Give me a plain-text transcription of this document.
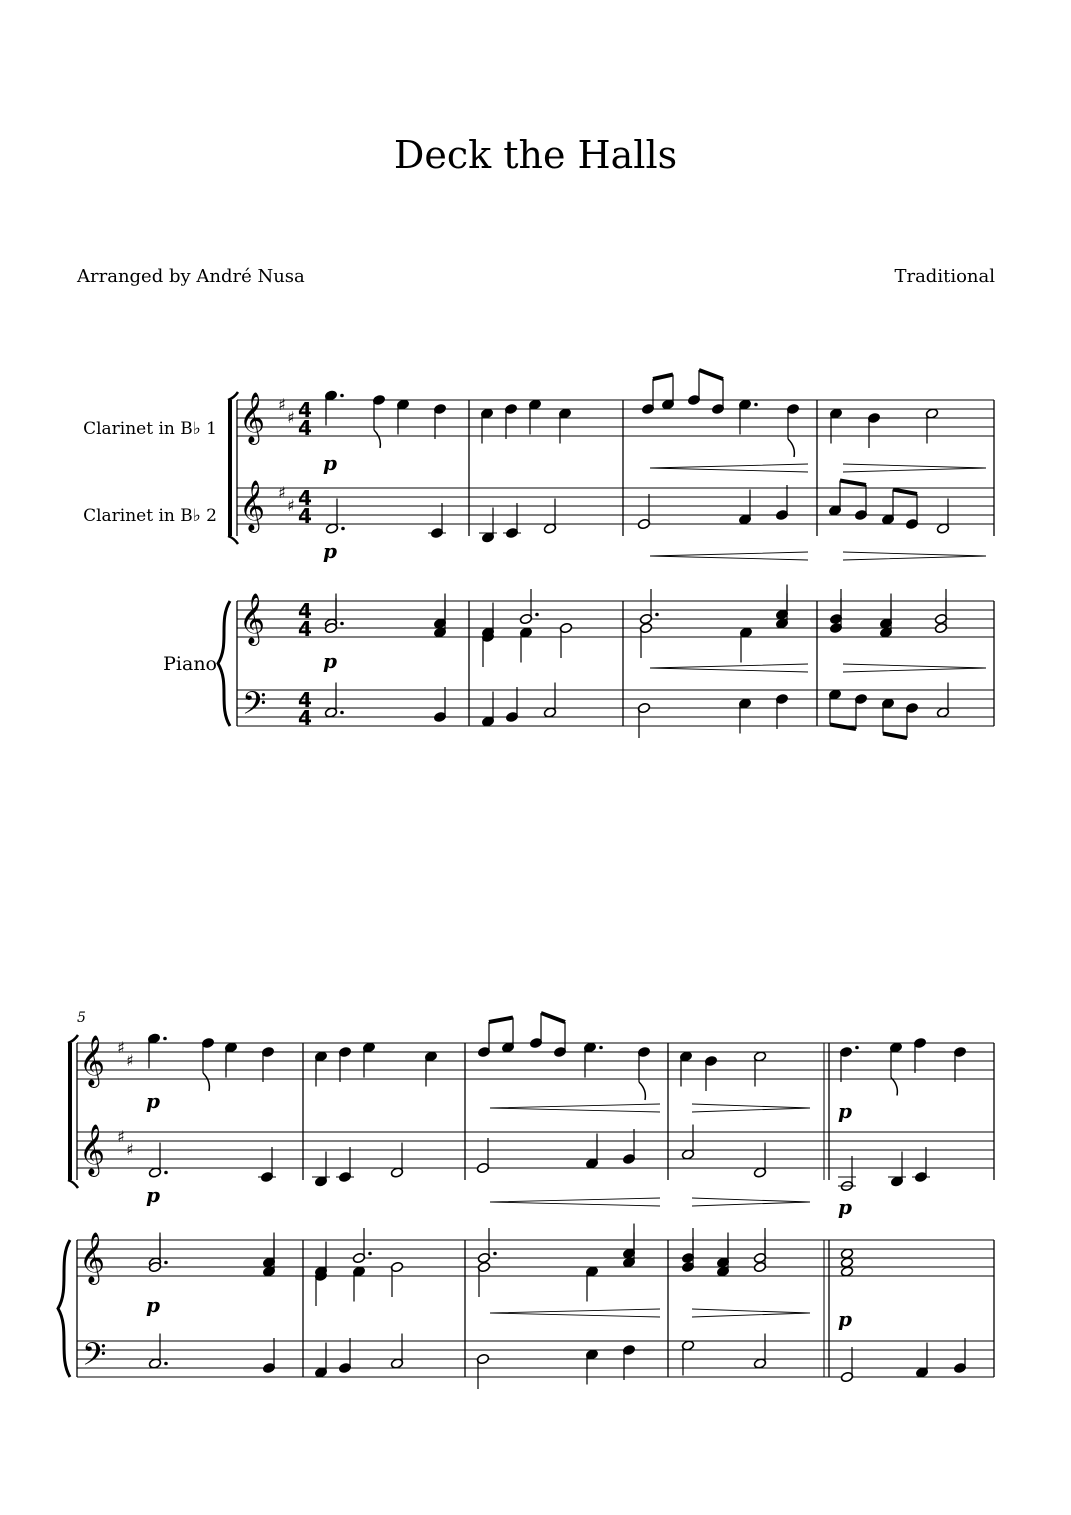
Deck the Halls
Arranged by André Nusa	Traditional
Clarinet in B♭ 1
Clarinet in B♭ 2
Piano
𝄞 ♯
♯ 4
4
𝄞 ♯
♯ 4
4
𝄞 4
4
𝄢 4
4
p
p
p
5
𝄞 ♯
♯
𝄞 ♯
♯
𝄞
𝄢
p	p
p	p
p
p
